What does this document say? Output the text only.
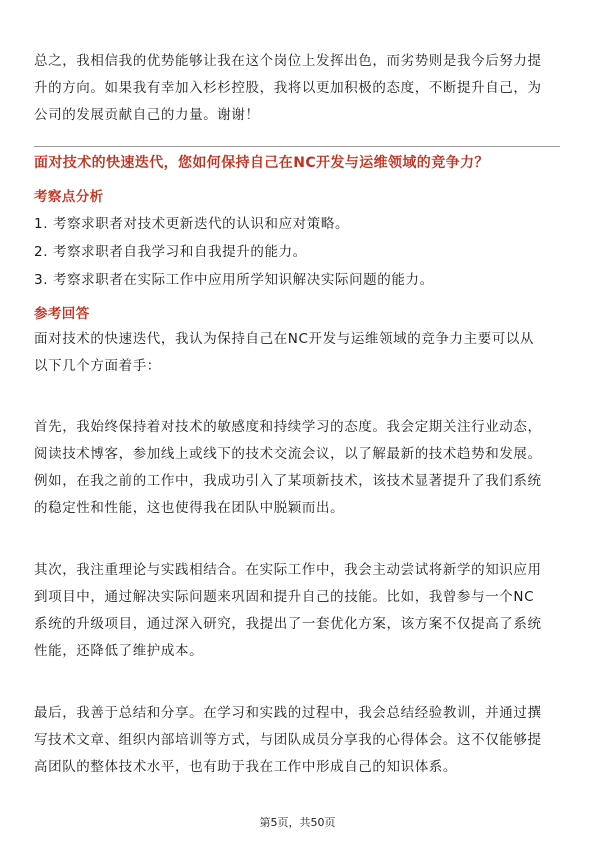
总之，我相信我的优势能够让我在这个岗位上发挥出色，而劣势则是我今后努力提
升的方向。如果我有幸加入杉杉控股，我将以更加积极的态度，不断提升自己，为
公司的发展贡献自己的力量。谢谢！

面对技术的快速迭代，您如何保持自己在NC开发与运维领域的竞争力？

考察点分析

1. 考察求职者对技术更新迭代的认识和应对策略。

2. 考察求职者自我学习和自我提升的能力。

3. 考察求职者在实际工作中应用所学知识解决实际问题的能力。

参考回答

面对技术的快速迭代，我认为保持自己在NC开发与运维领域的竞争力主要可以从
以下几个方面着手：
首先，我始终保持着对技术的敏感度和持续学习的态度。我会定期关注行业动态，
阅读技术博客，参加线上或线下的技术交流会议，以了解最新的技术趋势和发展。
例如，在我之前的工作中，我成功引入了某项新技术，该技术显著提升了我们系统
的稳定性和性能，这也使得我在团队中脱颖而出。
其次，我注重理论与实践相结合。在实际工作中，我会主动尝试将新学的知识应用
到项目中，通过解决实际问题来巩固和提升自己的技能。比如，我曾参与一个NC
系统的升级项目，通过深入研究，我提出了一套优化方案，该方案不仅提高了系统
性能，还降低了维护成本。
最后，我善于总结和分享。在学习和实践的过程中，我会总结经验教训，并通过撰
写技术文章、组织内部培训等方式，与团队成员分享我的心得体会。这不仅能够提
高团队的整体技术水平，也有助于我在工作中形成自己的知识体系。

第5页，共50页
